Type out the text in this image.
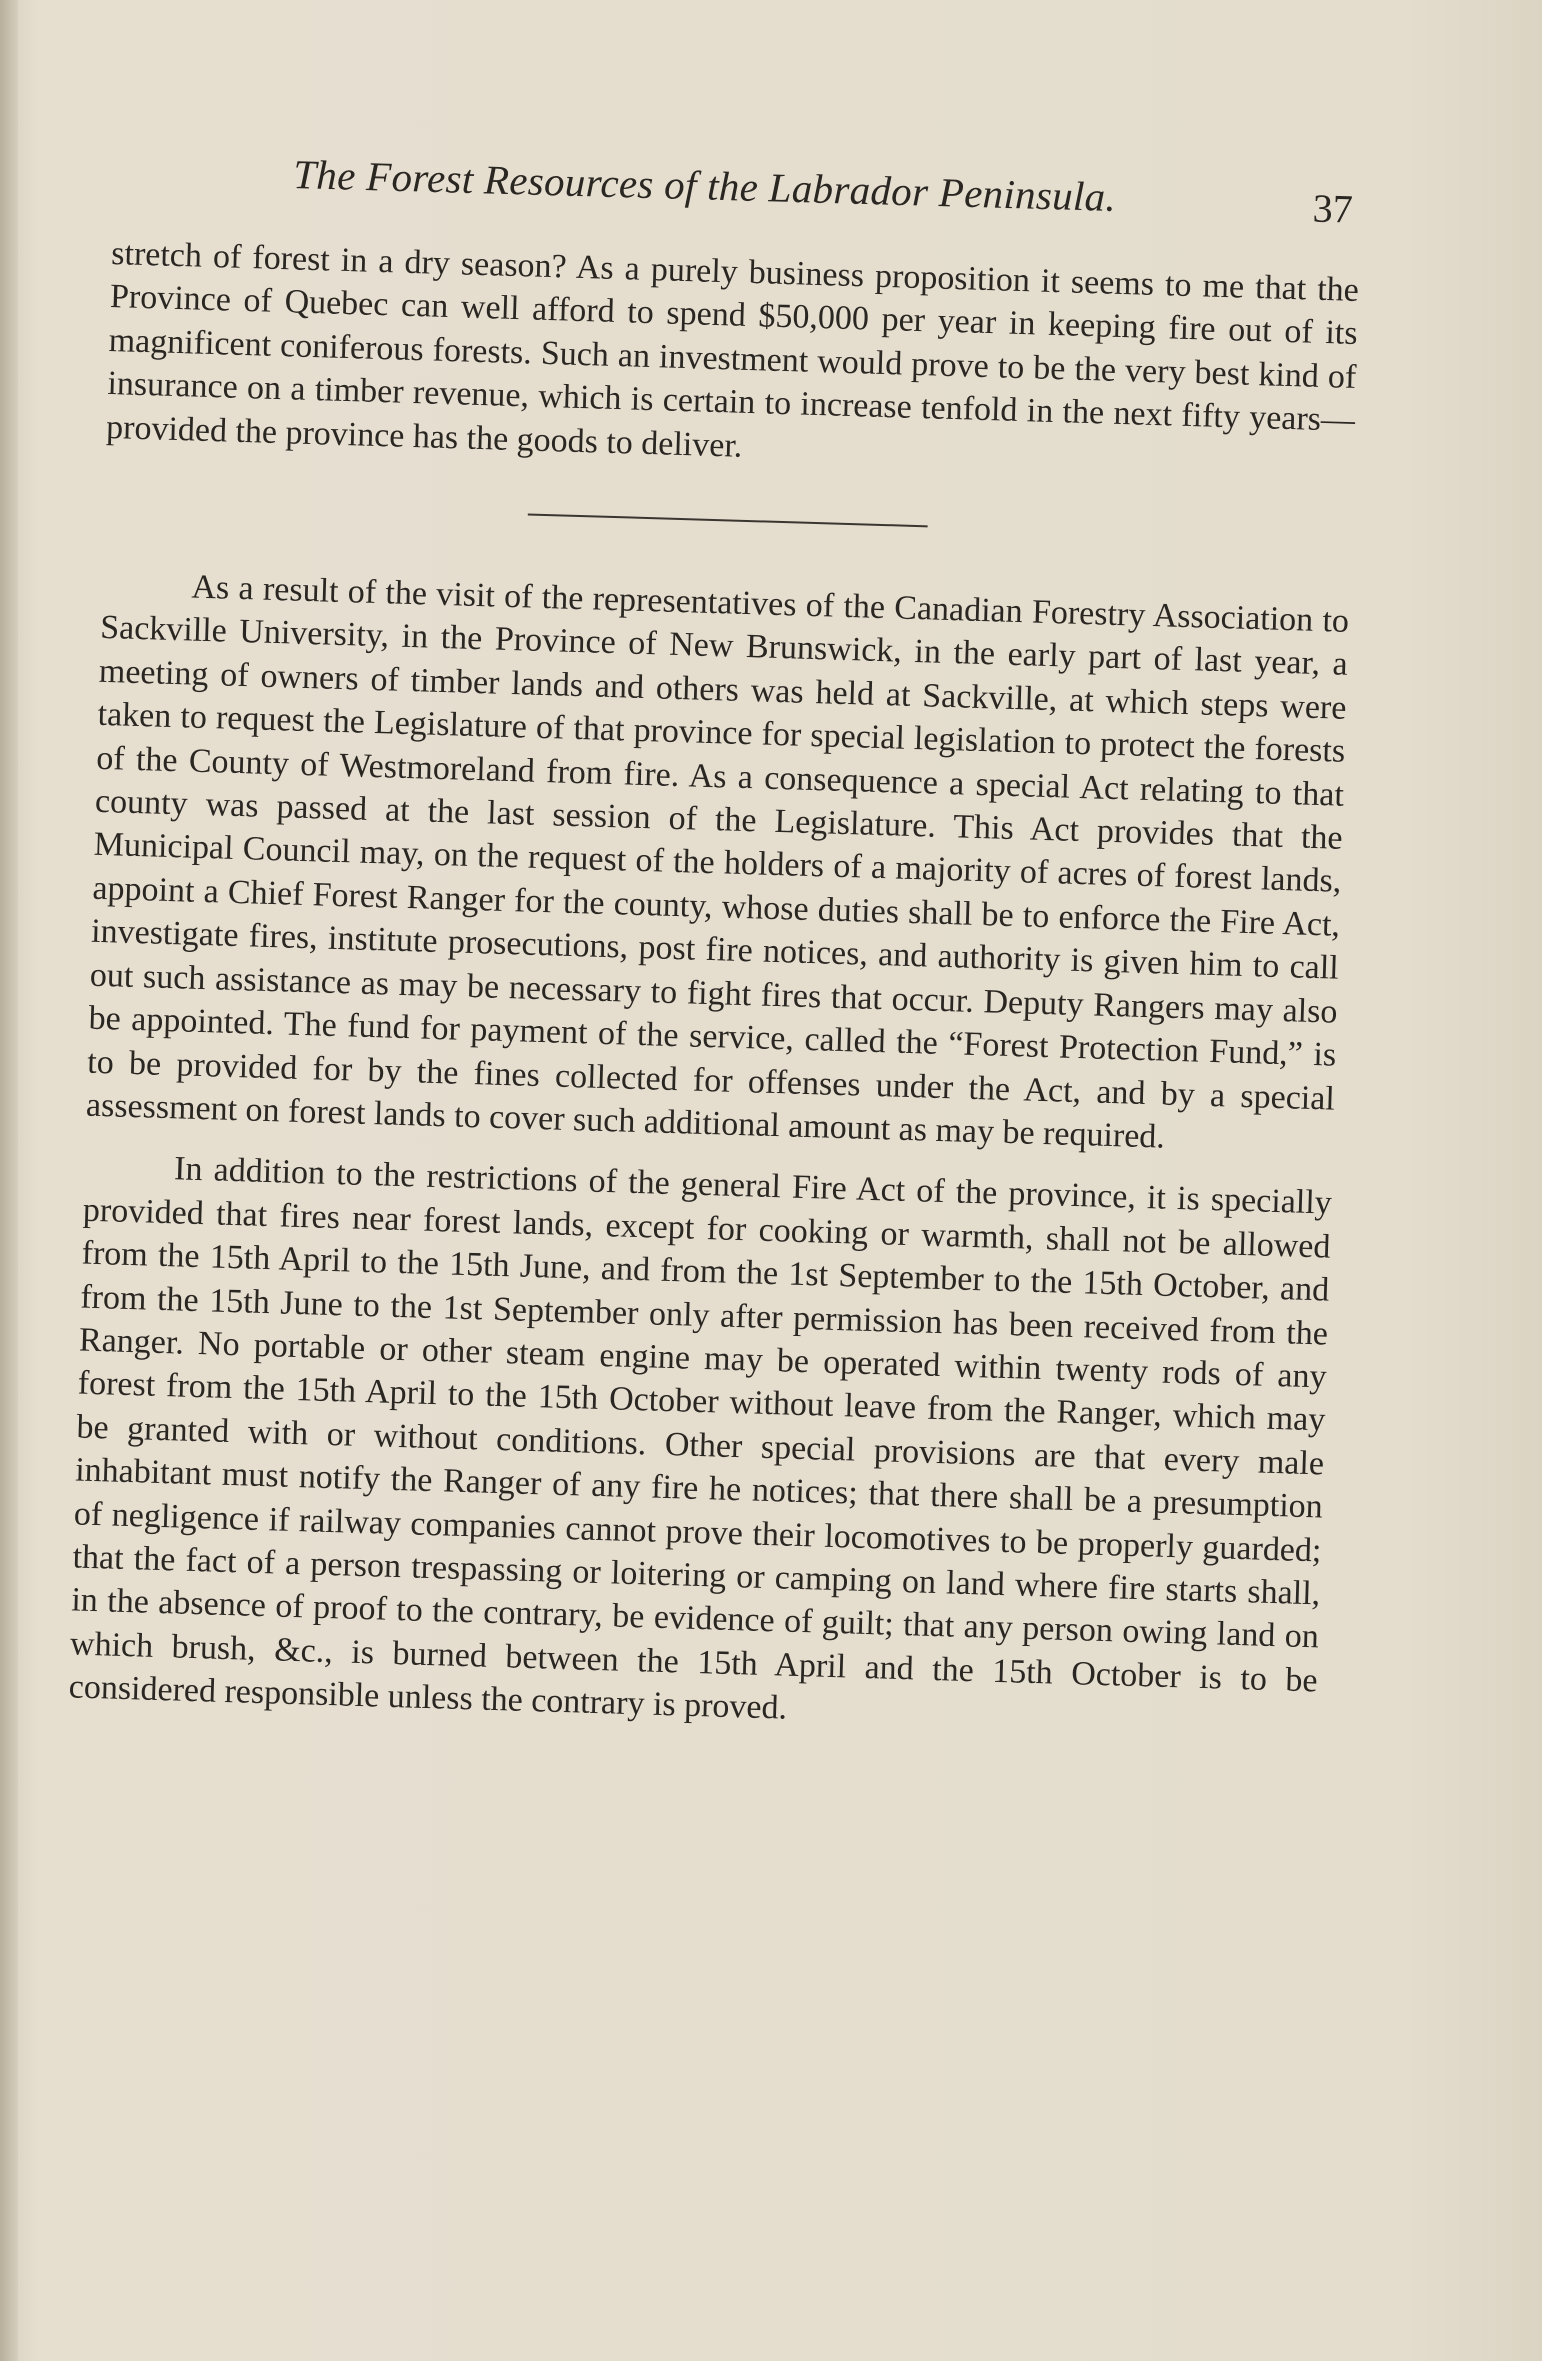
The Forest Resources of the Labrador Peninsula.	37

stretch of forest in a dry season? As a purely business proposition it seems to me that the Province of Quebec can well afford to spend $50,000 per year in keeping fire out of its magnificent coniferous forests. Such an investment would prove to be the very best kind of insurance on a timber revenue, which is certain to increase tenfold in the next fifty years—provided the province has the goods to deliver.

As a result of the visit of the representatives of the Canadian Forestry Association to Sackville University, in the Province of New Brunswick, in the early part of last year, a meeting of owners of timber lands and others was held at Sackville, at which steps were taken to request the Legislature of that province for special legislation to protect the forests of the County of Westmoreland from fire. As a consequence a special Act relating to that county was passed at the last session of the Legislature. This Act provides that the Municipal Council may, on the request of the holders of a majority of acres of forest lands, appoint a Chief Forest Ranger for the county, whose duties shall be to enforce the Fire Act, investigate fires, institute prosecutions, post fire notices, and authority is given him to call out such assistance as may be necessary to fight fires that occur. Deputy Rangers may also be appointed. The fund for payment of the service, called the “Forest Protection Fund,” is to be provided for by the fines collected for offenses under the Act, and by a special assessment on forest lands to cover such additional amount as may be required.

In addition to the restrictions of the general Fire Act of the province, it is specially provided that fires near forest lands, except for cooking or warmth, shall not be allowed from the 15th April to the 15th June, and from the 1st September to the 15th October, and from the 15th June to the 1st September only after permission has been received from the Ranger. No portable or other steam engine may be operated within twenty rods of any forest from the 15th April to the 15th October without leave from the Ranger, which may be granted with or without conditions. Other special provisions are that every male inhabitant must notify the Ranger of any fire he notices; that there shall be a presumption of negligence if railway companies cannot prove their locomotives to be properly guarded; that the fact of a person trespassing or loitering or camping on land where fire starts shall, in the absence of proof to the contrary, be evidence of guilt; that any person owing land on which brush, &c., is burned between the 15th April and the 15th October is to be considered responsible unless the contrary is proved.
